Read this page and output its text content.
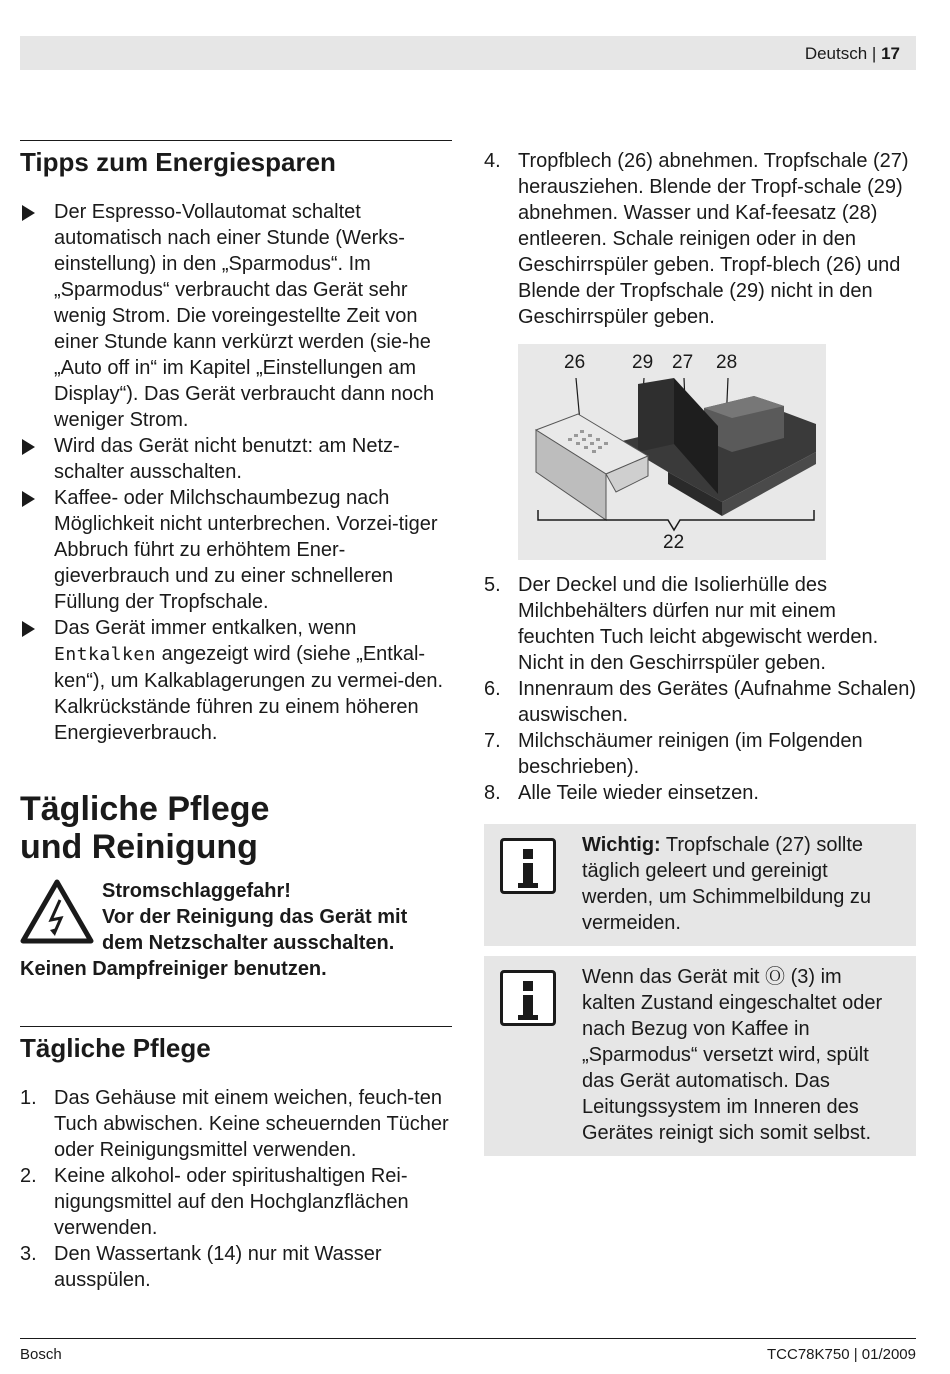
Deutsch | 17
Tipps zum Energiesparen
Der Espresso-Vollautomat schaltet automatisch nach einer Stunde (Werks-einstellung) in den „Sparmodus“. Im „Sparmodus“ verbraucht das Gerät sehr wenig Strom. Die voreingestellte Zeit von einer Stunde kann verkürzt werden (sie-he „Auto off in“ im Kapitel „Einstellungen am Display“). Das Gerät verbraucht dann noch weniger Strom.
Wird das Gerät nicht benutzt: am Netz-schalter ausschalten.
Kaffee- oder Milchschaumbezug nach Möglichkeit nicht unterbrechen. Vorzei-tiger Abbruch führt zu erhöhtem Ener-gieverbrauch und zu einer schnelleren Füllung der Tropfschale.
Das Gerät immer entkalken, wenn Entkalken angezeigt wird (siehe „Entkal-ken“), um Kalkablagerungen zu vermei-den. Kalkrückstände führen zu einem höheren Energieverbrauch.
Tägliche Pflege
und Reinigung
Stromschlaggefahr!
Vor der Reinigung das Gerät mit
dem Netzschalter ausschalten.
Keinen Dampfreiniger benutzen.
Tägliche Pflege
1. Das Gehäuse mit einem weichen, feuch-ten Tuch abwischen. Keine scheuernden Tücher oder Reinigungsmittel verwenden.
2. Keine alkohol- oder spiritushaltigen Rei-nigungsmittel auf den Hochglanzflächen verwenden.
3. Den Wassertank (14) nur mit Wasser ausspülen.
4. Tropfblech (26) abnehmen. Tropfschale (27) herausziehen. Blende der Tropf-schale (29) abnehmen. Wasser und Kaf-feesatz (28) entleeren. Schale reinigen oder in den Geschirrspüler geben. Tropf-blech (26) und Blende der Tropfschale (29) nicht in den Geschirrspüler geben.
26 29 27 28
22
5. Der Deckel und die Isolierhülle des Milchbehälters dürfen nur mit einem feuchten Tuch leicht abgewischt werden. Nicht in den Geschirrspüler geben.
6. Innenraum des Gerätes (Aufnahme Schalen) auswischen.
7. Milchschäumer reinigen (im Folgenden beschrieben).
8. Alle Teile wieder einsetzen.
Wichtig: Tropfschale (27) sollte täglich geleert und gereinigt werden, um Schimmelbildung zu vermeiden.
Wenn das Gerät mit Ⓞ (3) im kalten Zustand eingeschaltet oder nach Bezug von Kaffee in „Sparmodus“ versetzt wird, spült das Gerät automatisch. Das Leitungssystem im Inneren des Gerätes reinigt sich somit selbst.
Bosch	TCC78K750 | 01/2009
